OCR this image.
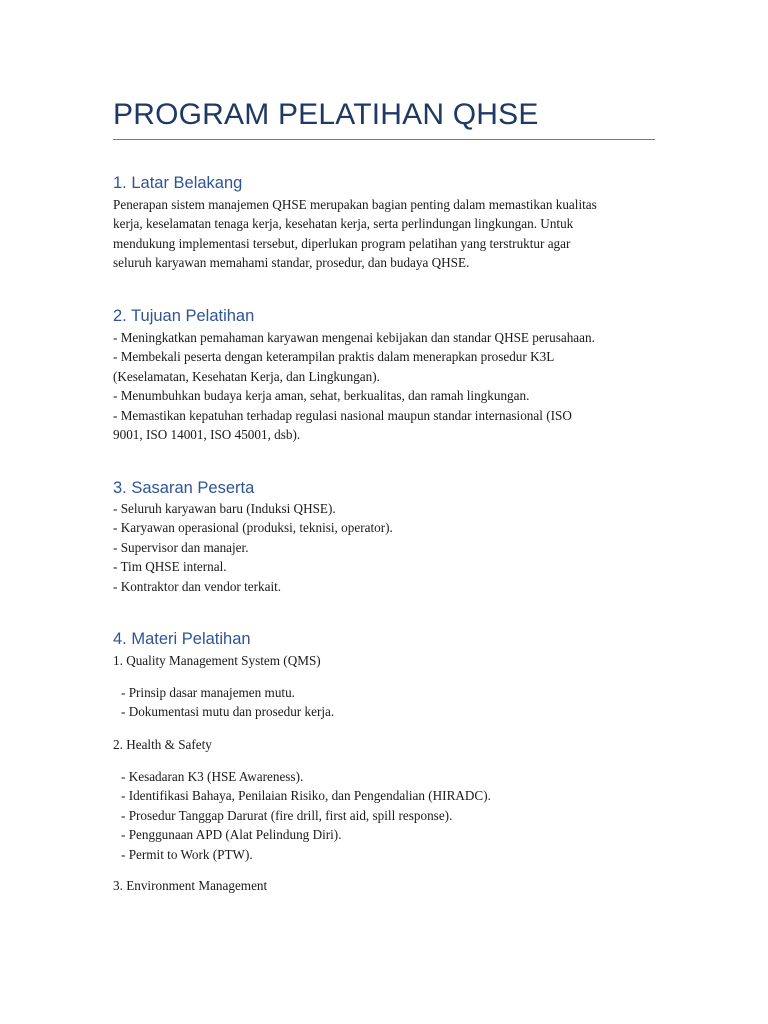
PROGRAM PELATIHAN QHSE
1. Latar Belakang
Penerapan sistem manajemen QHSE merupakan bagian penting dalam memastikan kualitas
kerja, keselamatan tenaga kerja, kesehatan kerja, serta perlindungan lingkungan. Untuk
mendukung implementasi tersebut, diperlukan program pelatihan yang terstruktur agar
seluruh karyawan memahami standar, prosedur, dan budaya QHSE.
2. Tujuan Pelatihan
- Meningkatkan pemahaman karyawan mengenai kebijakan dan standar QHSE perusahaan.
- Membekali peserta dengan keterampilan praktis dalam menerapkan prosedur K3L
(Keselamatan, Kesehatan Kerja, dan Lingkungan).
- Menumbuhkan budaya kerja aman, sehat, berkualitas, dan ramah lingkungan.
- Memastikan kepatuhan terhadap regulasi nasional maupun standar internasional (ISO
9001, ISO 14001, ISO 45001, dsb).
3. Sasaran Peserta
- Seluruh karyawan baru (Induksi QHSE).
- Karyawan operasional (produksi, teknisi, operator).
- Supervisor dan manajer.
- Tim QHSE internal.
- Kontraktor dan vendor terkait.
4. Materi Pelatihan
1. Quality Management System (QMS)
- Prinsip dasar manajemen mutu.
- Dokumentasi mutu dan prosedur kerja.
2. Health & Safety
- Kesadaran K3 (HSE Awareness).
- Identifikasi Bahaya, Penilaian Risiko, dan Pengendalian (HIRADC).
- Prosedur Tanggap Darurat (fire drill, first aid, spill response).
- Penggunaan APD (Alat Pelindung Diri).
- Permit to Work (PTW).
3. Environment Management
